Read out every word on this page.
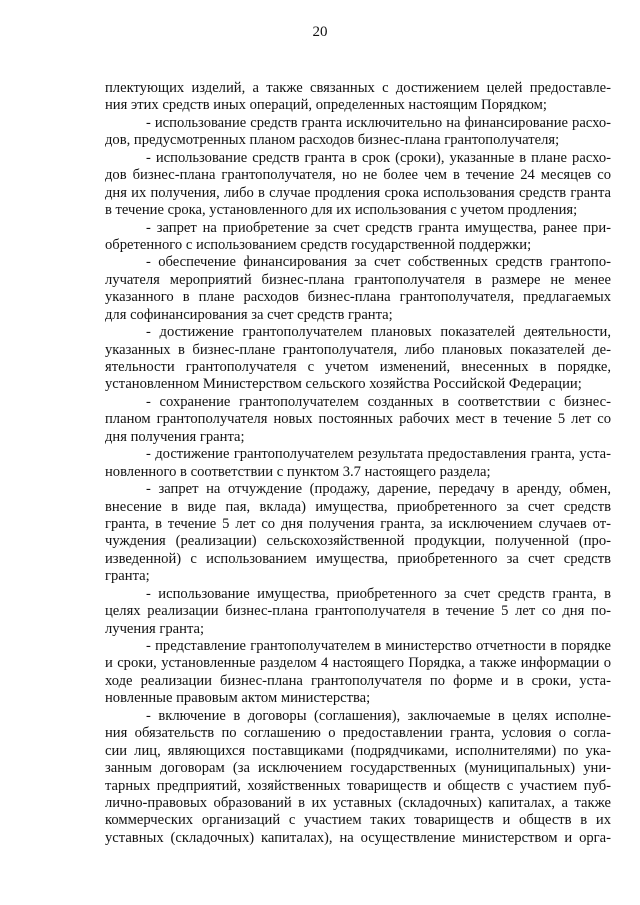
20
плектующих изделий, а также связанных с достижением целей предоставле-
ния этих средств иных операций, определенных настоящим Порядком;
- использование средств гранта исключительно на финансирование расхо-
дов, предусмотренных планом расходов бизнес-плана грантополучателя;
- использование средств гранта в срок (сроки), указанные в плане расхо-
дов бизнес-плана грантополучателя, но не более чем в течение 24 месяцев со
дня их получения, либо в случае продления срока использования средств гранта
в течение срока, установленного для их использования с учетом продления;
- запрет на приобретение за счет средств гранта имущества, ранее при-
обретенного с использованием средств государственной поддержки;
- обеспечение финансирования за счет собственных средств грантопо-
лучателя мероприятий бизнес-плана грантополучателя в размере не менее
указанного в плане расходов бизнес-плана грантополучателя, предлагаемых
для софинансирования за счет средств гранта;
- достижение грантополучателем плановых показателей деятельности,
указанных в бизнес-плане грантополучателя, либо плановых показателей де-
ятельности грантополучателя с учетом изменений, внесенных в порядке,
установленном Министерством сельского хозяйства Российской Федерации;
- сохранение грантополучателем созданных в соответствии с бизнес-
планом грантополучателя новых постоянных рабочих мест в течение 5 лет со
дня получения гранта;
- достижение грантополучателем результата предоставления гранта, уста-
новленного в соответствии с пунктом 3.7 настоящего раздела;
- запрет на отчуждение (продажу, дарение, передачу в аренду, обмен,
внесение в виде пая, вклада) имущества, приобретенного за счет средств
гранта, в течение 5 лет со дня получения гранта, за исключением случаев от-
чуждения (реализации) сельскохозяйственной продукции, полученной (про-
изведенной) с использованием имущества, приобретенного за счет средств
гранта;
- использование имущества, приобретенного за счет средств гранта, в
целях реализации бизнес-плана грантополучателя в течение 5 лет со дня по-
лучения гранта;
- представление грантополучателем в министерство отчетности в порядке
и сроки, установленные разделом 4 настоящего Порядка, а также информации о
ходе реализации бизнес-плана грантополучателя по форме и в сроки, уста-
новленные правовым актом министерства;
- включение в договоры (соглашения), заключаемые в целях исполне-
ния обязательств по соглашению о предоставлении гранта, условия о согла-
сии лиц, являющихся поставщиками (подрядчиками, исполнителями) по ука-
занным договорам (за исключением государственных (муниципальных) уни-
тарных предприятий, хозяйственных товариществ и обществ с участием пуб-
лично-правовых образований в их уставных (складочных) капиталах, а также
коммерческих организаций с участием таких товариществ и обществ в их
уставных (складочных) капиталах), на осуществление министерством и орга-
